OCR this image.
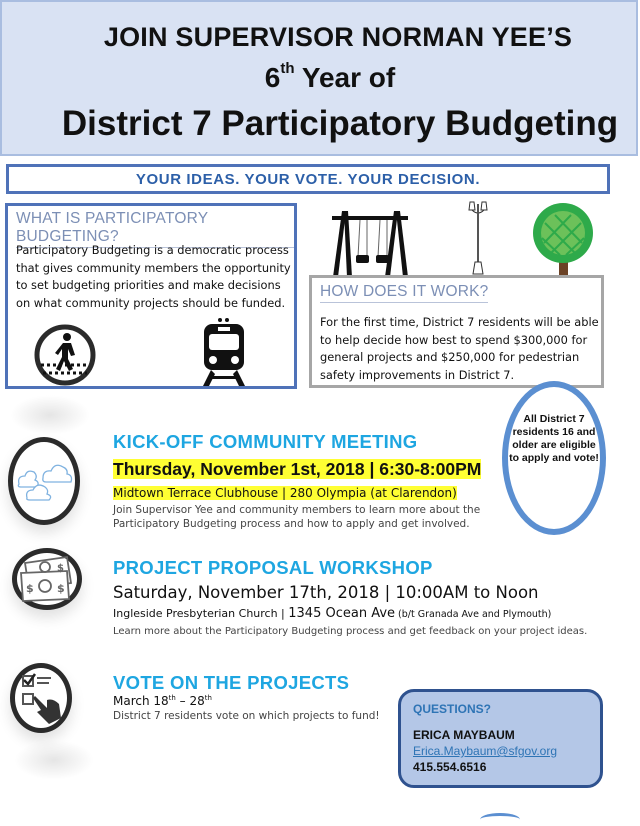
JOIN SUPERVISOR NORMAN YEE’S
6th Year of
District 7 Participatory Budgeting
YOUR IDEAS. YOUR VOTE. YOUR DECISION.
WHAT IS PARTICIPATORY BUDGETING?
Participatory Budgeting is a democratic process that gives community members the opportunity to set budgeting priorities and make decisions on what community projects should be funded.
HOW DOES IT WORK?
For the first time, District 7 residents will be able to help decide how best to spend $300,000 for general projects and $250,000 for pedestrian safety improvements in District 7.
All District 7 residents 16 and older are eligible to apply and vote!
KICK-OFF COMMUNITY MEETING
Thursday, November 1st, 2018 | 6:30-8:00PM
Midtown Terrace Clubhouse | 280 Olympia (at Clarendon)
Join Supervisor Yee and community members to learn more about the Participatory Budgeting process and how to apply and get involved.
$ $
$	PROJECT PROPOSAL WORKSHOP
Saturday, November 17th, 2018 | 10:00AM to Noon
Ingleside Presbyterian Church | 1345 Ocean Ave (b/t Granada Ave and Plymouth)
Learn more about the Participatory Budgeting process and get feedback on your project ideas.
VOTE ON THE PROJECTS
March 18th – 28th
District 7 residents vote on which projects to fund!	QUESTIONS?
ERICA MAYBAUM
Erica.Maybaum@sfgov.org
415.554.6516
